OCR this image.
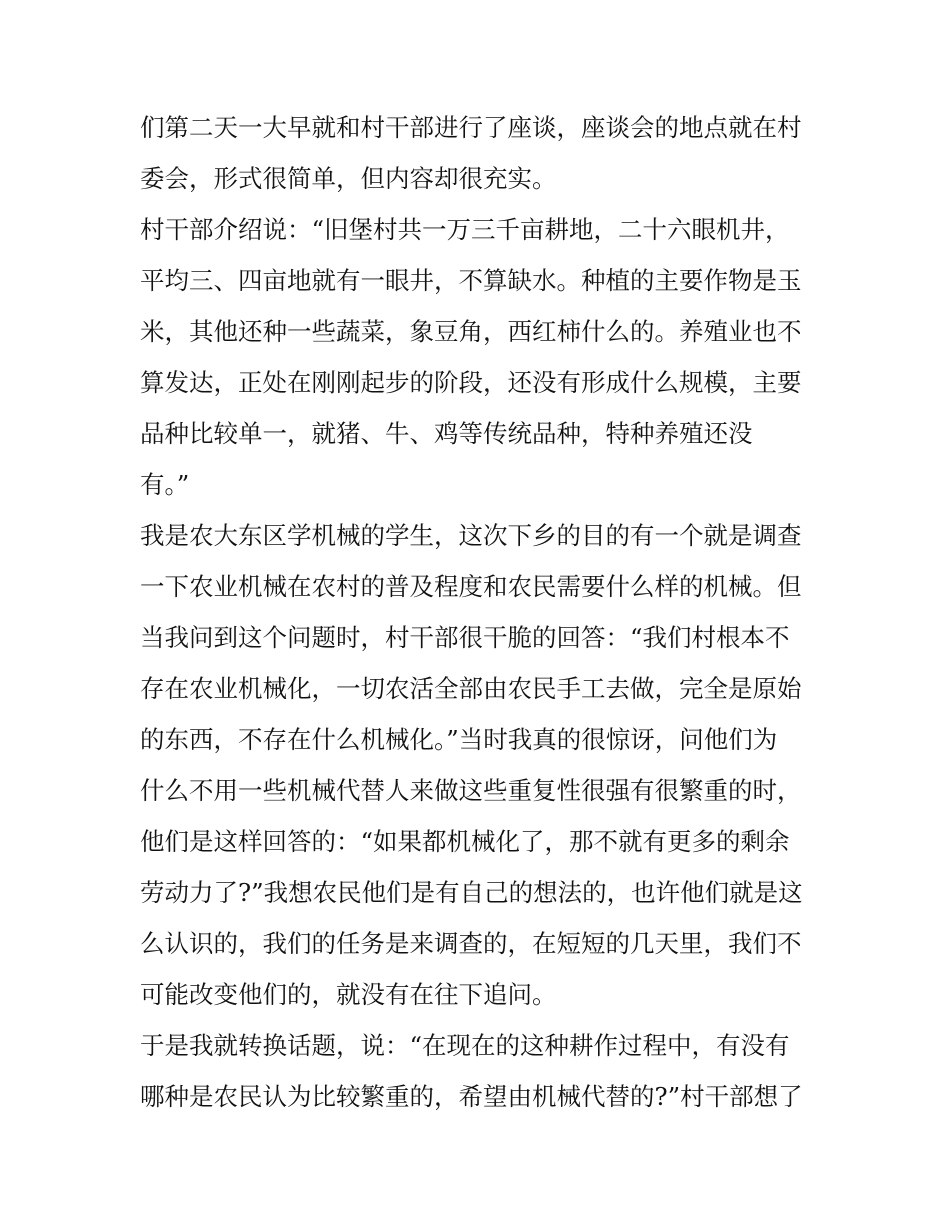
们第二天一大早就和村干部进行了座谈，座谈会的地点就在村
委会，形式很简单，但内容却很充实。
村干部介绍说：“旧堡村共一万三千亩耕地，二十六眼机井，
平均三、四亩地就有一眼井，不算缺水。种植的主要作物是玉
米，其他还种一些蔬菜，象豆角，西红柿什么的。养殖业也不
算发达，正处在刚刚起步的阶段，还没有形成什么规模，主要
品种比较单一，就猪、牛、鸡等传统品种，特种养殖还没
有。”
我是农大东区学机械的学生，这次下乡的目的有一个就是调查
一下农业机械在农村的普及程度和农民需要什么样的机械。但
当我问到这个问题时，村干部很干脆的回答：“我们村根本不
存在农业机械化，一切农活全部由农民手工去做，完全是原始
的东西，不存在什么机械化。”当时我真的很惊讶，问他们为
什么不用一些机械代替人来做这些重复性很强有很繁重的时，
他们是这样回答的：“如果都机械化了，那不就有更多的剩余
劳动力了?”我想农民他们是有自己的想法的，也许他们就是这
么认识的，我们的任务是来调查的，在短短的几天里，我们不
可能改变他们的，就没有在往下追问。
于是我就转换话题，说：“在现在的这种耕作过程中，有没有
哪种是农民认为比较繁重的，希望由机械代替的?”村干部想了
